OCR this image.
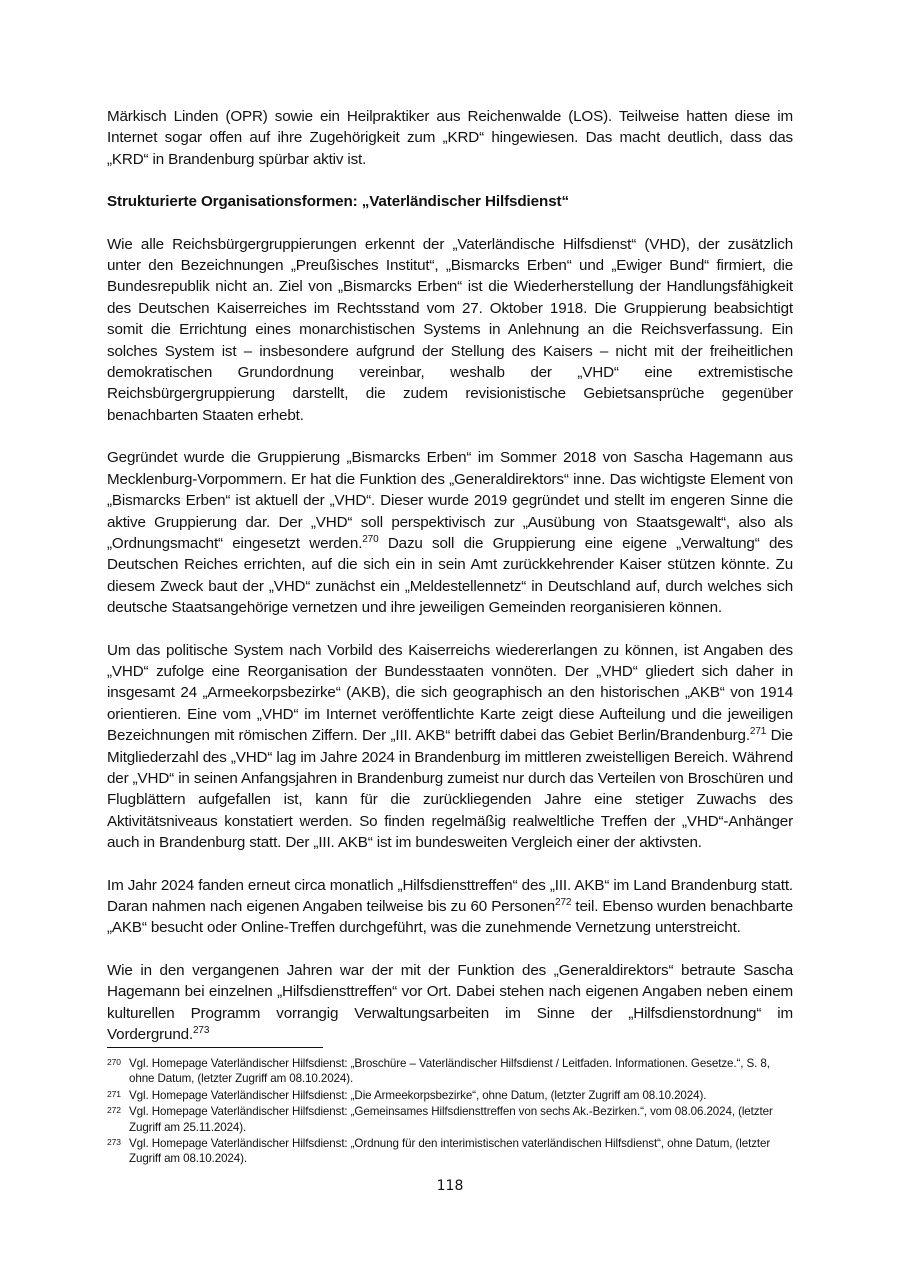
Märkisch Linden (OPR) sowie ein Heilpraktiker aus Reichenwalde (LOS). Teilweise hatten diese im Internet sogar offen auf ihre Zugehörigkeit zum „KRD“ hingewiesen. Das macht deutlich, dass das „KRD“ in Brandenburg spürbar aktiv ist.

Strukturierte Organisationsformen: „Vaterländischer Hilfsdienst“

Wie alle Reichsbürgergruppierungen erkennt der „Vaterländische Hilfsdienst“ (VHD), der zusätzlich unter den Bezeichnungen „Preußisches Institut“, „Bismarcks Erben“ und „Ewiger Bund“ firmiert, die Bundesrepublik nicht an. Ziel von „Bismarcks Erben“ ist die Wiederherstellung der Handlungsfähigkeit des Deutschen Kaiserreiches im Rechtsstand vom 27. Oktober 1918. Die Gruppierung beabsichtigt somit die Errichtung eines monarchistischen Systems in Anlehnung an die Reichsverfassung. Ein solches System ist – insbesondere aufgrund der Stellung des Kaisers – nicht mit der freiheitlichen demokratischen Grundordnung vereinbar, weshalb der „VHD“ eine extremistische Reichsbürgergruppierung darstellt, die zudem revisionistische Gebietsansprüche gegenüber benachbarten Staaten erhebt.

Gegründet wurde die Gruppierung „Bismarcks Erben“ im Sommer 2018 von Sascha Hagemann aus Mecklenburg-Vorpommern. Er hat die Funktion des „Generaldirektors“ inne. Das wichtigste Element von „Bismarcks Erben“ ist aktuell der „VHD“. Dieser wurde 2019 gegründet und stellt im engeren Sinne die aktive Gruppierung dar. Der „VHD“ soll perspektivisch zur „Ausübung von Staatsgewalt“, also als „Ordnungsmacht“ eingesetzt werden.$^{270}$ Dazu soll die Gruppierung eine eigene „Verwaltung“ des Deutschen Reiches errichten, auf die sich ein in sein Amt zurückkehrender Kaiser stützen könnte. Zu diesem Zweck baut der „VHD“ zunächst ein „Meldestellennetz“ in Deutschland auf, durch welches sich deutsche Staatsangehörige vernetzen und ihre jeweiligen Gemeinden reorganisieren können.

Um das politische System nach Vorbild des Kaiserreichs wiedererlangen zu können, ist Angaben des „VHD“ zufolge eine Reorganisation der Bundesstaaten vonnöten. Der „VHD“ gliedert sich daher in insgesamt 24 „Armeekorpsbezirke“ (AKB), die sich geographisch an den historischen „AKB“ von 1914 orientieren. Eine vom „VHD“ im Internet veröffentlichte Karte zeigt diese Aufteilung und die jeweiligen Bezeichnungen mit römischen Ziffern. Der „III. AKB“ betrifft dabei das Gebiet Berlin/Brandenburg.$^{271}$ Die Mitgliederzahl des „VHD“ lag im Jahre 2024 in Brandenburg im mittleren zweistelligen Bereich. Während der „VHD“ in seinen Anfangsjahren in Brandenburg zumeist nur durch das Verteilen von Broschüren und Flugblättern aufgefallen ist, kann für die zurückliegenden Jahre eine stetiger Zuwachs des Aktivitätsniveaus konstatiert werden. So finden regelmäßig realweltliche Treffen der „VHD“-Anhänger auch in Brandenburg statt. Der „III. AKB“ ist im bundesweiten Vergleich einer der aktivsten.

Im Jahr 2024 fanden erneut circa monatlich „Hilfsdiensttreffen“ des „III. AKB“ im Land Brandenburg statt. Daran nahmen nach eigenen Angaben teilweise bis zu 60 Personen$^{272}$ teil. Ebenso wurden benachbarte „AKB“ besucht oder Online-Treffen durchgeführt, was die zunehmende Vernetzung unterstreicht.

Wie in den vergangenen Jahren war der mit der Funktion des „Generaldirektors“ betraute Sascha Hagemann bei einzelnen „Hilfsdiensttreffen“ vor Ort. Dabei stehen nach eigenen Angaben neben einem kulturellen Programm vorrangig Verwaltungsarbeiten im Sinne der „Hilfsdienstordnung“ im Vordergrund.$^{273}$

270 Vgl. Homepage Vaterländischer Hilfsdienst: „Broschüre – Vaterländischer Hilfsdienst / Leitfaden. Informationen. Gesetze.“, S. 8, ohne Datum, (letzter Zugriff am 08.10.2024).
271 Vgl. Homepage Vaterländischer Hilfsdienst: „Die Armeekorpsbezirke“, ohne Datum, (letzter Zugriff am 08.10.2024).
272 Vgl. Homepage Vaterländischer Hilfsdienst: „Gemeinsames Hilfsdiensttreffen von sechs Ak.-Bezirken.“, vom 08.06.2024, (letzter Zugriff am 25.11.2024).
273 Vgl. Homepage Vaterländischer Hilfsdienst: „Ordnung für den interimistischen vaterländischen Hilfsdienst“, ohne Datum, (letzter Zugriff am 08.10.2024).
118
